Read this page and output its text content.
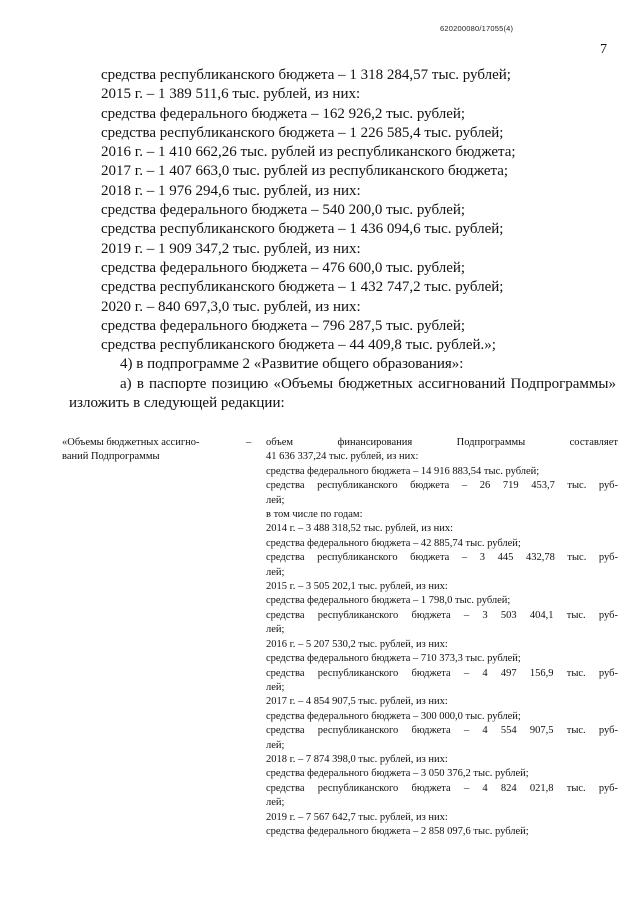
620200080/17055(4)
7
средства республиканского бюджета – 1 318 284,57 тыс. рублей;
2015 г. – 1 389 511,6 тыс. рублей, из них:
средства федерального бюджета – 162 926,2 тыс. рублей;
средства республиканского бюджета – 1 226 585,4 тыс. рублей;
2016 г. – 1 410 662,26 тыс. рублей из республиканского бюджета;
2017 г. – 1 407 663,0 тыс. рублей из республиканского бюджета;
2018 г. – 1 976 294,6 тыс. рублей, из них:
средства федерального бюджета – 540 200,0 тыс. рублей;
средства республиканского бюджета – 1 436 094,6 тыс. рублей;
2019 г. – 1 909 347,2 тыс. рублей, из них:
средства федерального бюджета – 476 600,0 тыс. рублей;
средства республиканского бюджета – 1 432 747,2 тыс. рублей;
2020 г. – 840 697,3,0 тыс. рублей, из них:
средства федерального бюджета – 796 287,5 тыс. рублей;
средства республиканского бюджета – 44 409,8 тыс. рублей.»;
4) в подпрограмме 2 «Развитие общего образования»:
а) в паспорте позицию «Объемы бюджетных ассигнований Подпрограммы»
изложить в следующей редакции:
«Объемы бюджетных ассигно-
ваний Подпрограммы
– объем финансирования Подпрограммы составляет
41 636 337,24 тыс. рублей, из них:
средства федерального бюджета – 14 916 883,54 тыс. рублей;
средства республиканского бюджета – 26 719 453,7 тыс. руб-
лей;
в том числе по годам:
2014 г. – 3 488 318,52 тыс. рублей, из них:
средства федерального бюджета – 42 885,74 тыс. рублей;
средства республиканского бюджета – 3 445 432,78 тыс. руб-
лей;
2015 г. – 3 505 202,1 тыс. рублей, из них:
средства федерального бюджета – 1 798,0 тыс. рублей;
средства республиканского бюджета – 3 503 404,1 тыс. руб-
лей;
2016 г. – 5 207 530,2 тыс. рублей, из них:
средства федерального бюджета – 710 373,3 тыс. рублей;
средства республиканского бюджета – 4 497 156,9 тыс. руб-
лей;
2017 г. – 4 854 907,5 тыс. рублей, из них:
средства федерального бюджета – 300 000,0 тыс. рублей;
средства республиканского бюджета – 4 554 907,5 тыс. руб-
лей;
2018 г. – 7 874 398,0 тыс. рублей, из них:
средства федерального бюджета – 3 050 376,2 тыс. рублей;
средства республиканского бюджета – 4 824 021,8 тыс. руб-
лей;
2019 г. – 7 567 642,7 тыс. рублей, из них:
средства федерального бюджета – 2 858 097,6 тыс. рублей;
